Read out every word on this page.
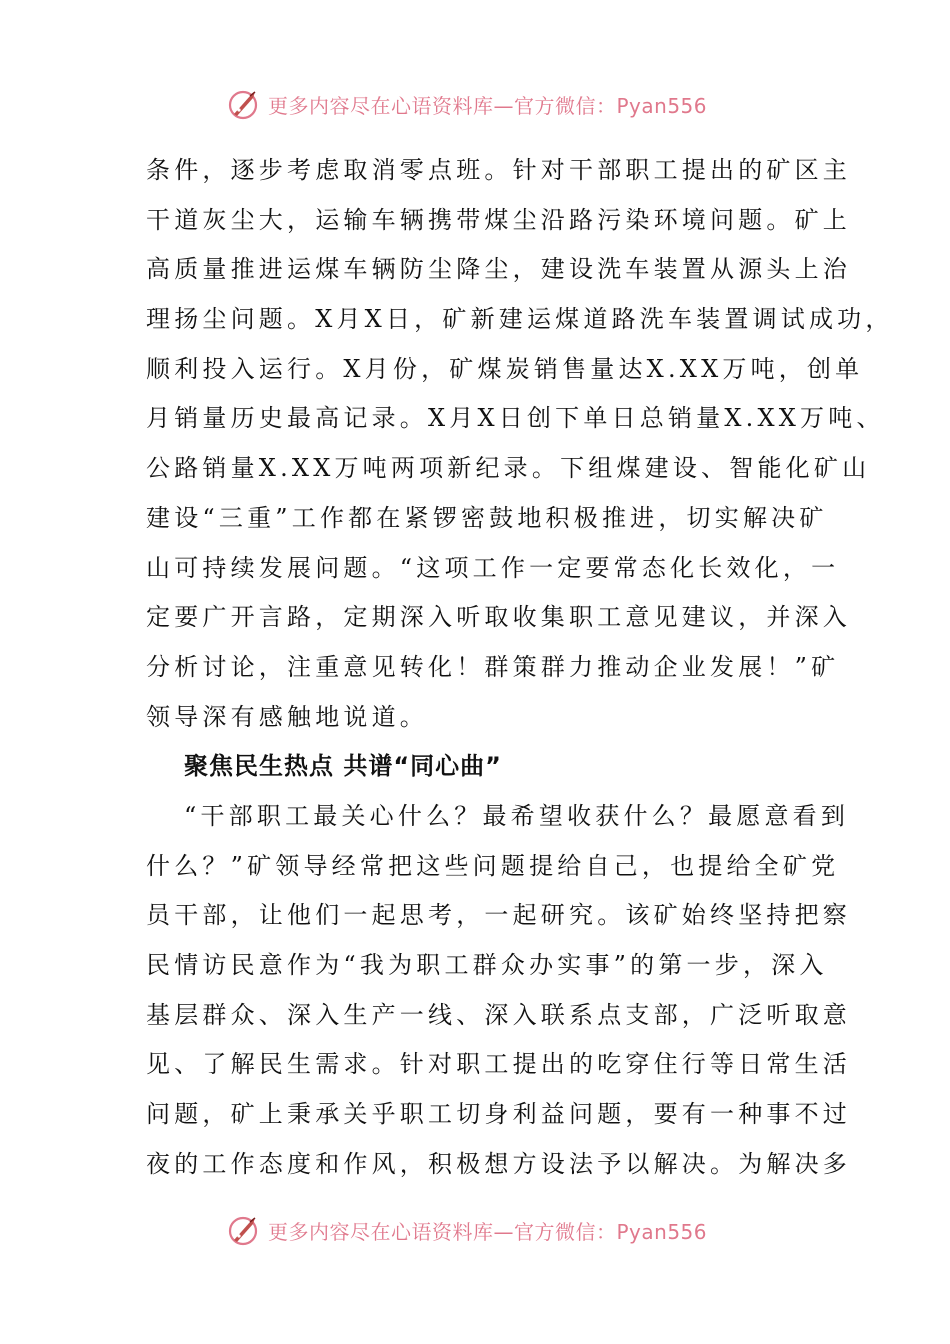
更多内容尽在心语资料库—官方微信：Pyan556
条件，逐步考虑取消零点班。针对干部职工提出的矿区主
干道灰尘大，运输车辆携带煤尘沿路污染环境问题。矿上
高质量推进运煤车辆防尘降尘，建设洗车装置从源头上治
理扬尘问题。X月X日，矿新建运煤道路洗车装置调试成功，
顺利投入运行。X月份，矿煤炭销售量达X.XX万吨，创单
月销量历史最高记录。X月X日创下单日总销量X.XX万吨、
公路销量X.XX万吨两项新纪录。下组煤建设、智能化矿山
建设“三重”工作都在紧锣密鼓地积极推进，切实解决矿
山可持续发展问题。“这项工作一定要常态化长效化，一
定要广开言路，定期深入听取收集职工意见建议，并深入
分析讨论，注重意见转化！群策群力推动企业发展！”矿
领导深有感触地说道。
聚焦民生热点 共谱“同心曲”
“干部职工最关心什么？最希望收获什么？最愿意看到
什么？”矿领导经常把这些问题提给自己，也提给全矿党
员干部，让他们一起思考，一起研究。该矿始终坚持把察
民情访民意作为“我为职工群众办实事”的第一步，深入
基层群众、深入生产一线、深入联系点支部，广泛听取意
见、了解民生需求。针对职工提出的吃穿住行等日常生活
问题，矿上秉承关乎职工切身利益问题，要有一种事不过
夜的工作态度和作风，积极想方设法予以解决。为解决多
更多内容尽在心语资料库—官方微信：Pyan556
